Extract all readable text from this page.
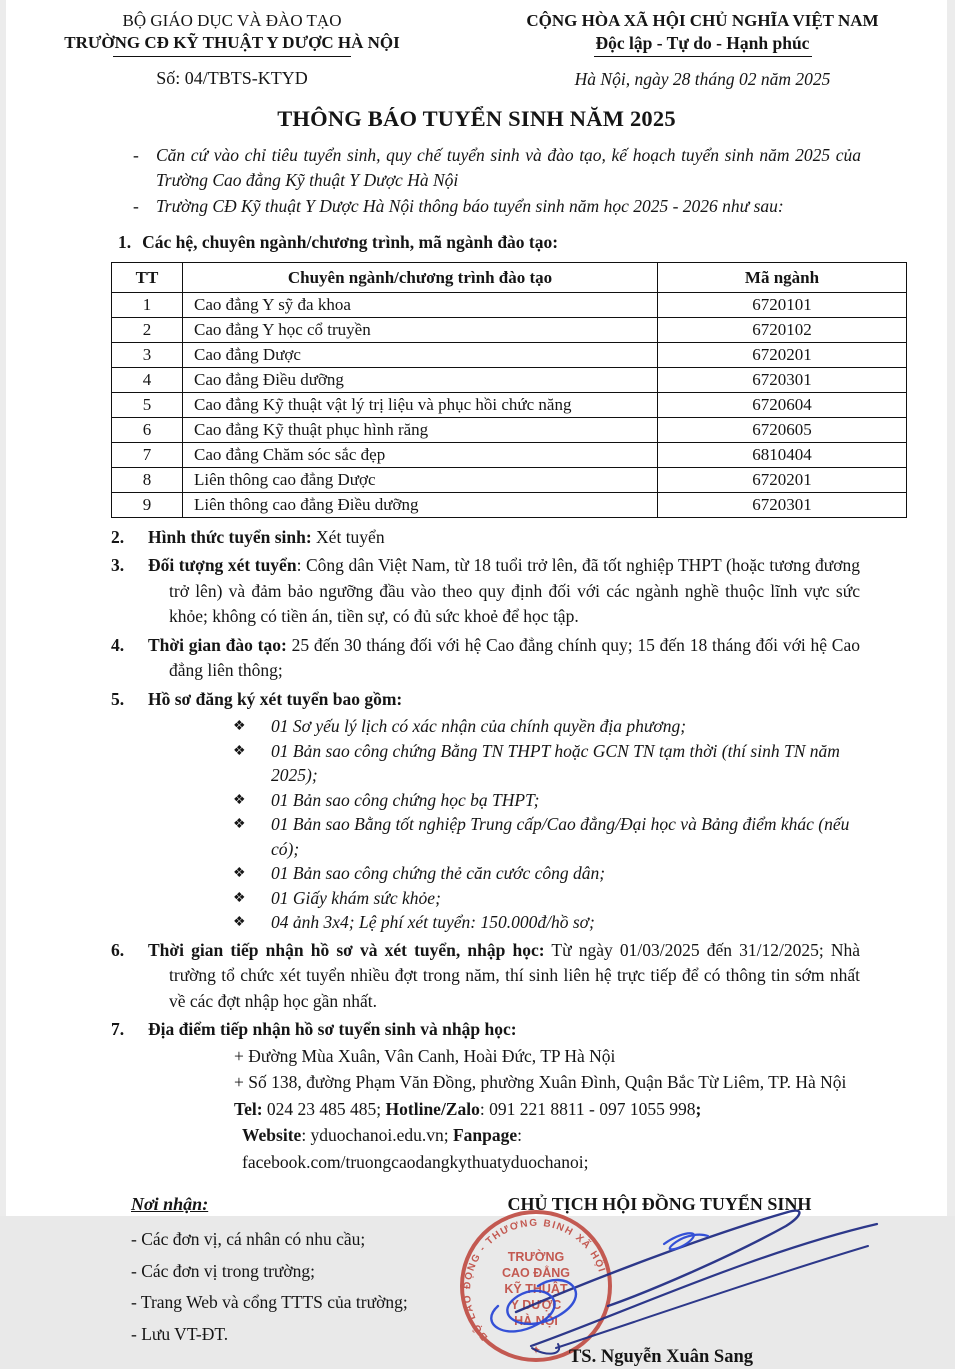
BỘ GIÁO DỤC VÀ ĐÀO TẠO
TRƯỜNG CĐ KỸ THUẬT Y DƯỢC HÀ NỘI
Số: 04/TBTS-KTYD
CỘNG HÒA XÃ HỘI CHỦ NGHĨA VIỆT NAM
Độc lập - Tự do - Hạnh phúc
Hà Nội, ngày 28 tháng 02 năm 2025
THÔNG BÁO TUYỂN SINH NĂM 2025
- Căn cứ vào chỉ tiêu tuyển sinh, quy chế tuyển sinh và đào tạo, kế hoạch tuyển sinh năm 2025 của Trường Cao đẳng Kỹ thuật Y Dược Hà Nội
- Trường CĐ Kỹ thuật Y Dược Hà Nội thông báo tuyển sinh năm học 2025 - 2026 như sau:
1. Các hệ, chuyên ngành/chương trình, mã ngành đào tạo:
TT	Chuyên ngành/chương trình đào tạo	Mã ngành
1	Cao đẳng Y sỹ đa khoa	6720101
2	Cao đẳng Y học cổ truyền	6720102
3	Cao đẳng Dược	6720201
4	Cao đẳng Điều dưỡng	6720301
5	Cao đẳng Kỹ thuật vật lý trị liệu và phục hồi chức năng	6720604
6	Cao đẳng Kỹ thuật phục hình răng	6720605
7	Cao đẳng Chăm sóc sắc đẹp	6810404
8	Liên thông cao đẳng Dược	6720201
9	Liên thông cao đẳng Điều dưỡng	6720301
2. Hình thức tuyển sinh: Xét tuyển
3. Đối tượng xét tuyển: Công dân Việt Nam, từ 18 tuổi trở lên, đã tốt nghiệp THPT (hoặc tương đương trở lên) và đảm bảo ngưỡng đầu vào theo quy định đối với các ngành nghề thuộc lĩnh vực sức khỏe; không có tiền án, tiền sự, có đủ sức khoẻ để học tập.
4. Thời gian đào tạo: 25 đến 30 tháng đối với hệ Cao đẳng chính quy; 15 đến 18 tháng đối với hệ Cao đẳng liên thông;
5. Hồ sơ đăng ký xét tuyển bao gồm:
❖ 01 Sơ yếu lý lịch có xác nhận của chính quyền địa phương;
❖ 01 Bản sao công chứng Bằng TN THPT hoặc GCN TN tạm thời (thí sinh TN năm 2025);
❖ 01 Bản sao công chứng học bạ THPT;
❖ 01 Bản sao Bằng tốt nghiệp Trung cấp/Cao đẳng/Đại học và Bảng điểm khác (nếu có);
❖ 01 Bản sao công chứng thẻ căn cước công dân;
❖ 01 Giấy khám sức khỏe;
❖ 04 ảnh 3x4; Lệ phí xét tuyển: 150.000đ/hồ sơ;
6. Thời gian tiếp nhận hồ sơ và xét tuyển, nhập học: Từ ngày 01/03/2025 đến 31/12/2025; Nhà trường tổ chức xét tuyển nhiều đợt trong năm, thí sinh liên hệ trực tiếp để có thông tin sớm nhất về các đợt nhập học gần nhất.
7. Địa điểm tiếp nhận hồ sơ tuyển sinh và nhập học:
+ Đường Mùa Xuân, Vân Canh, Hoài Đức, TP Hà Nội
+ Số 138, đường Phạm Văn Đồng, phường Xuân Đình, Quận Bắc Từ Liêm, TP. Hà Nội
Tel: 024 23 485 485; Hotline/Zalo: 091 221 8811 - 097 1055 998;
Website: yduochanoi.edu.vn; Fanpage: facebook.com/truongcaodangkythuatyduochanoi;
Nơi nhận:
- Các đơn vị, cá nhân có nhu cầu;
- Các đơn vị trong trường;
- Trang Web và cổng TTTS của trường;
- Lưu VT-ĐT.
CHỦ TỊCH HỘI ĐỒNG TUYỂN SINH
BỘ LAO ĐỘNG - THƯƠNG BINH XÃ HỘI
TRƯỜNG
CAO ĐẲNG
KỸ THUẬT
Y DƯỢC
HÀ NỘI
✦	TS. Nguyễn Xuân Sang
